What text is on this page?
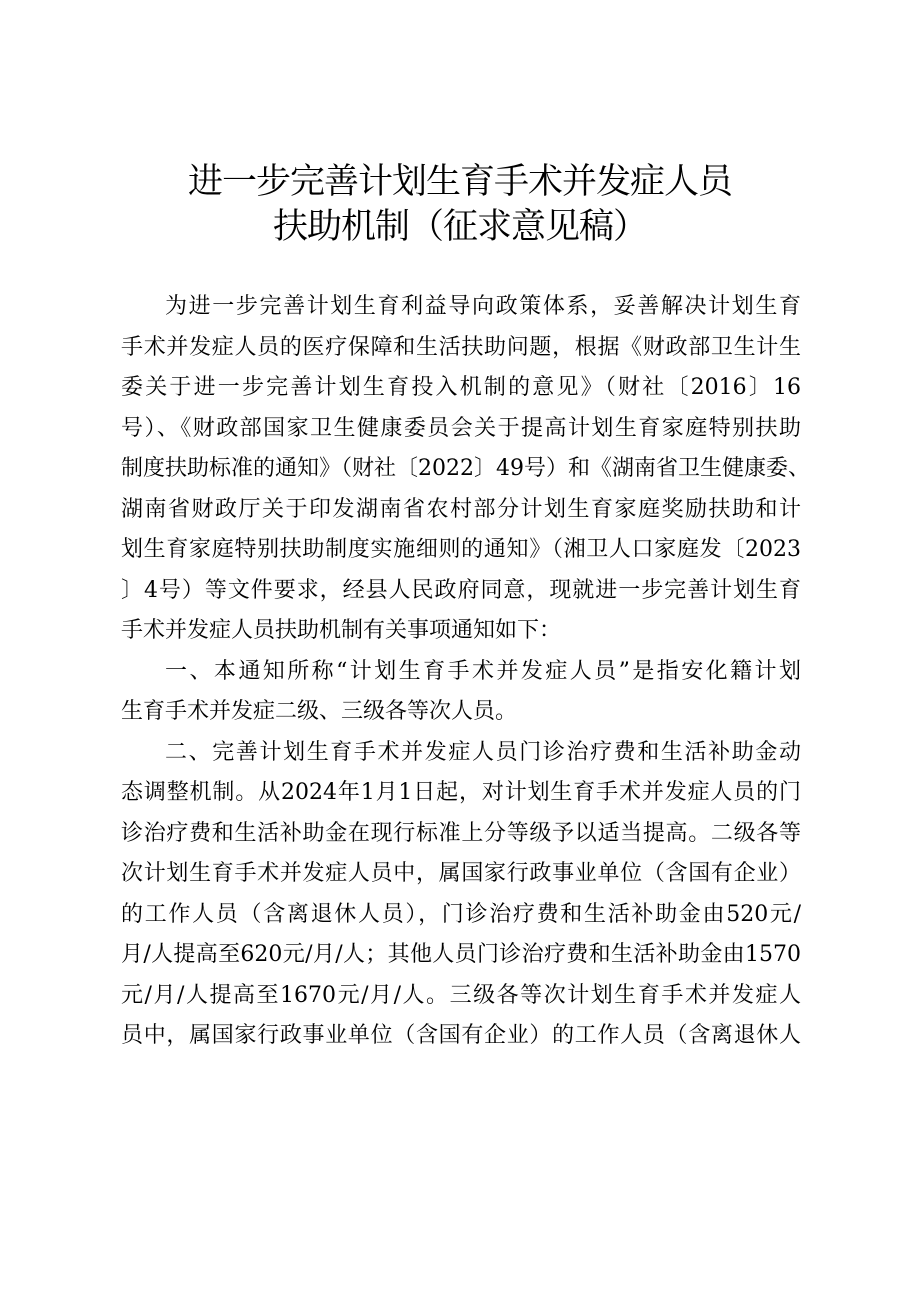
进一步完善计划生育手术并发症人员
扶助机制（征求意见稿）
为进一步完善计划生育利益导向政策体系，妥善解决计划生育
手术并发症人员的医疗保障和生活扶助问题，根据《财政部卫生计生
委关于进一步完善计划生育投入机制的意见》（财社〔2016〕16
号）、《财政部国家卫生健康委员会关于提高计划生育家庭特别扶助
制度扶助标准的通知》（财社〔2022〕49号）和《湖南省卫生健康委、
湖南省财政厅关于印发湖南省农村部分计划生育家庭奖励扶助和计
划生育家庭特别扶助制度实施细则的通知》（湘卫人口家庭发〔2023
〕4号）等文件要求，经县人民政府同意，现就进一步完善计划生育
手术并发症人员扶助机制有关事项通知如下：
一、本通知所称“计划生育手术并发症人员”是指安化籍计划
生育手术并发症二级、三级各等次人员。
二、完善计划生育手术并发症人员门诊治疗费和生活补助金动
态调整机制。从2024年1月1日起，对计划生育手术并发症人员的门
诊治疗费和生活补助金在现行标准上分等级予以适当提高。二级各等
次计划生育手术并发症人员中，属国家行政事业单位（含国有企业）
的工作人员（含离退休人员），门诊治疗费和生活补助金由520元/
月/人提高至620元/月/人；其他人员门诊治疗费和生活补助金由1570
元/月/人提高至1670元/月/人。三级各等次计划生育手术并发症人
员中，属国家行政事业单位（含国有企业）的工作人员（含离退休人
